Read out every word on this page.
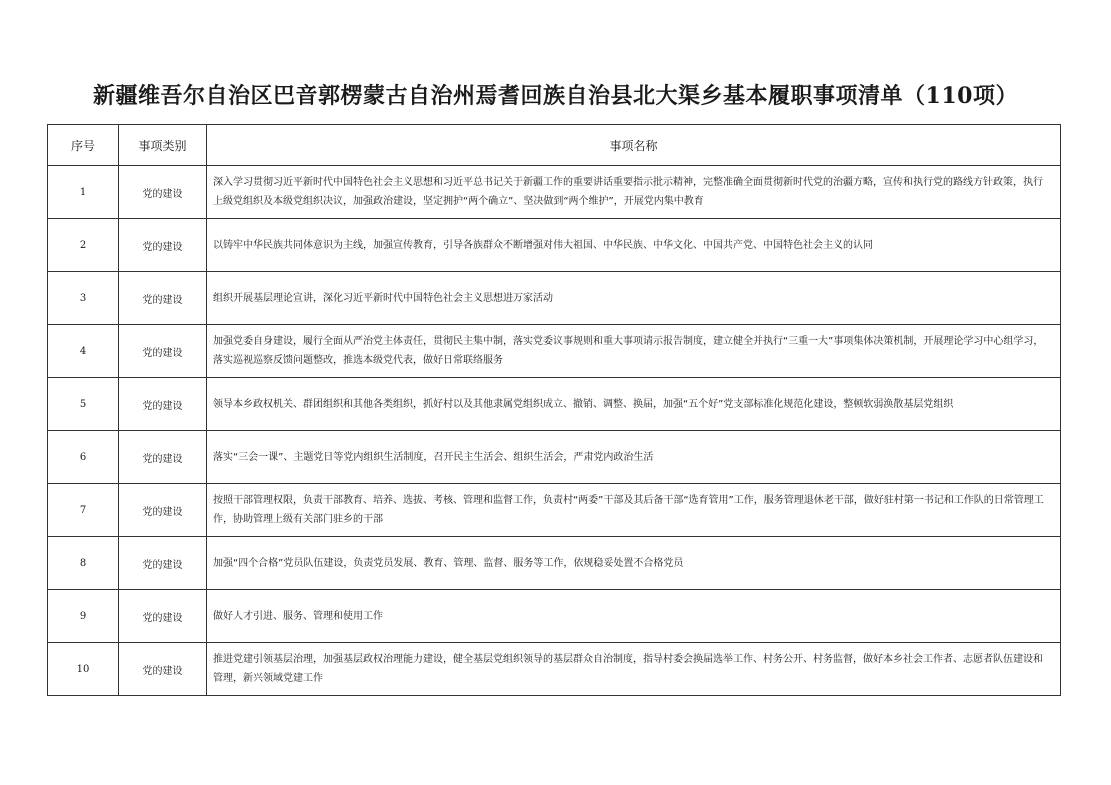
新疆维吾尔自治区巴音郭楞蒙古自治州焉耆回族自治县北大渠乡基本履职事项清单（110项）
序号	事项类别	事项名称
1	党的建设	深入学习贯彻习近平新时代中国特色社会主义思想和习近平总书记关于新疆工作的重要讲话重要指示批示精神，完整准确全面贯彻新时代党的治疆方略，宣传和执行党的路线方针政策，执行上级党组织及本级党组织决议，加强政治建设，坚定拥护“两个确立”、坚决做到“两个维护”，开展党内集中教育
2	党的建设	以铸牢中华民族共同体意识为主线，加强宣传教育，引导各族群众不断增强对伟大祖国、中华民族、中华文化、中国共产党、中国特色社会主义的认同
3	党的建设	组织开展基层理论宣讲，深化习近平新时代中国特色社会主义思想进万家活动
4	党的建设	加强党委自身建设，履行全面从严治党主体责任，贯彻民主集中制，落实党委议事规则和重大事项请示报告制度，建立健全并执行“三重一大”事项集体决策机制，开展理论学习中心组学习，落实巡视巡察反馈问题整改，推选本级党代表，做好日常联络服务
5	党的建设	领导本乡政权机关、群团组织和其他各类组织，抓好村以及其他隶属党组织成立、撤销、调整、换届，加强“五个好”党支部标准化规范化建设，整顿软弱涣散基层党组织
6	党的建设	落实“三会一课”、主题党日等党内组织生活制度，召开民主生活会、组织生活会，严肃党内政治生活
7	党的建设	按照干部管理权限，负责干部教育、培养、选拔、考核、管理和监督工作，负责村“两委”干部及其后备干部“选育管用”工作，服务管理退休老干部，做好驻村第一书记和工作队的日常管理工作，协助管理上级有关部门驻乡的干部
8	党的建设	加强“四个合格”党员队伍建设，负责党员发展、教育、管理、监督、服务等工作，依规稳妥处置不合格党员
9	党的建设	做好人才引进、服务、管理和使用工作
10	党的建设	推进党建引领基层治理，加强基层政权治理能力建设，健全基层党组织领导的基层群众自治制度，指导村委会换届选举工作、村务公开、村务监督，做好本乡社会工作者、志愿者队伍建设和管理，新兴领域党建工作
